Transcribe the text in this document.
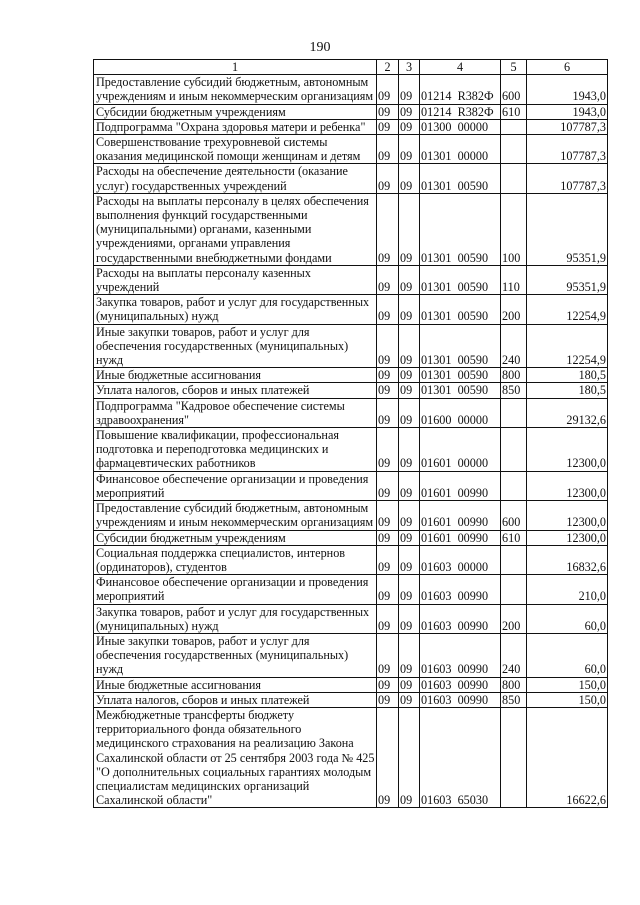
190
1	2	3	4	5	6
Предоставление субсидий бюджетным, автономным учреждениям и иным некоммерческим организациям	09	09	01214  R382Ф	600	1943,0
Субсидии бюджетным учреждениям	09	09	01214  R382Ф	610	1943,0
Подпрограмма "Охрана здоровья матери и ребенка"	09	09	01300  00000		107787,3
Совершенствование трехуровневой системы оказания медицинской помощи женщинам и детям	09	09	01301  00000		107787,3
Расходы на обеспечение деятельности (оказание услуг) государственных учреждений	09	09	01301  00590		107787,3
Расходы на выплаты персоналу в целях обеспечения выполнения функций государственными (муниципальными) органами, казенными учреждениями, органами управления государственными внебюджетными фондами	09	09	01301  00590	100	95351,9
Расходы на выплаты персоналу казенных учреждений	09	09	01301  00590	110	95351,9
Закупка товаров, работ и услуг для государственных (муниципальных) нужд	09	09	01301  00590	200	12254,9
Иные закупки товаров, работ и услуг для обеспечения государственных (муниципальных) нужд	09	09	01301  00590	240	12254,9
Иные бюджетные ассигнования	09	09	01301  00590	800	180,5
Уплата налогов, сборов и иных платежей	09	09	01301  00590	850	180,5
Подпрограмма "Кадровое обеспечение системы здравоохранения"	09	09	01600  00000		29132,6
Повышение квалификации, профессиональная подготовка и переподготовка медицинских и фармацевтических работников	09	09	01601  00000		12300,0
Финансовое обеспечение организации и проведения мероприятий	09	09	01601  00990		12300,0
Предоставление субсидий бюджетным, автономным учреждениям и иным некоммерческим организациям	09	09	01601  00990	600	12300,0
Субсидии бюджетным учреждениям	09	09	01601  00990	610	12300,0
Социальная поддержка специалистов, интернов (ординаторов), студентов	09	09	01603  00000		16832,6
Финансовое обеспечение организации и проведения мероприятий	09	09	01603  00990		210,0
Закупка товаров, работ и услуг для государственных (муниципальных) нужд	09	09	01603  00990	200	60,0
Иные закупки товаров, работ и услуг для обеспечения государственных (муниципальных) нужд	09	09	01603  00990	240	60,0
Иные бюджетные ассигнования	09	09	01603  00990	800	150,0
Уплата налогов, сборов и иных платежей	09	09	01603  00990	850	150,0
Межбюджетные трансферты бюджету территориального фонда обязательного медицинского страхования на реализацию Закона Сахалинской области от 25 сентября 2003 года № 425 "О дополнительных социальных гарантиях молодым специалистам медицинских организаций Сахалинской области"	09	09	01603  65030		16622,6
